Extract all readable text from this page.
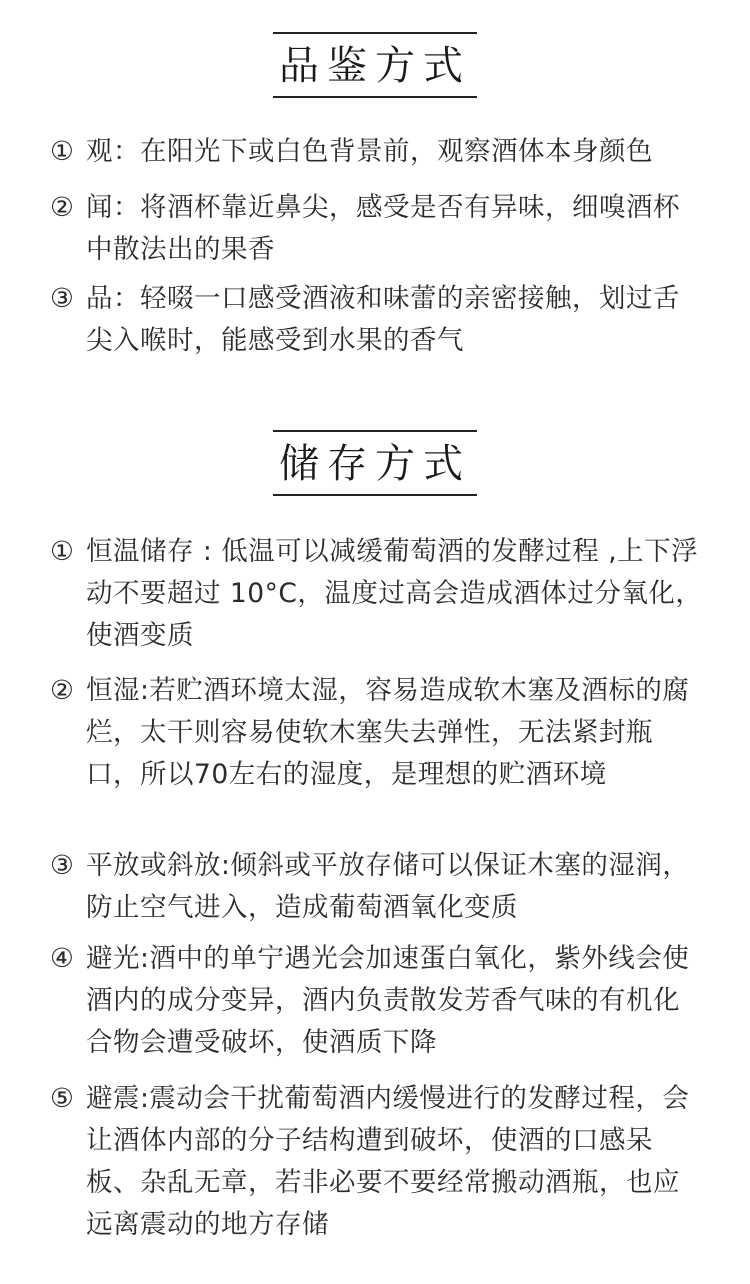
品鉴方式
① 观：在阳光下或白色背景前，观察酒体本身颜色
② 闻：将酒杯靠近鼻尖，感受是否有异味，细嗅酒杯中散法出的果香
③ 品：轻啜一口感受酒液和味蕾的亲密接触，划过舌尖入喉时，能感受到水果的香气
储存方式
① 恒温储存 : 低温可以减缓葡萄酒的发酵过程 ,上下浮动不要超过 10°C，温度过高会造成酒体过分氧化，使酒变质
② 恒湿:若贮酒环境太湿，容易造成软木塞及酒标的腐烂，太干则容易使软木塞失去弹性，无法紧封瓶口，所以70左右的湿度，是理想的贮酒环境
③ 平放或斜放:倾斜或平放存储可以保证木塞的湿润，防止空气进入，造成葡萄酒氧化变质
④ 避光:酒中的单宁遇光会加速蛋白氧化，紫外线会使酒内的成分变异，酒内负责散发芳香气味的有机化合物会遭受破坏，使酒质下降
⑤ 避震:震动会干扰葡萄酒内缓慢进行的发酵过程，会让酒体内部的分子结构遭到破坏，使酒的口感呆板、杂乱无章，若非必要不要经常搬动酒瓶，也应远离震动的地方存储
